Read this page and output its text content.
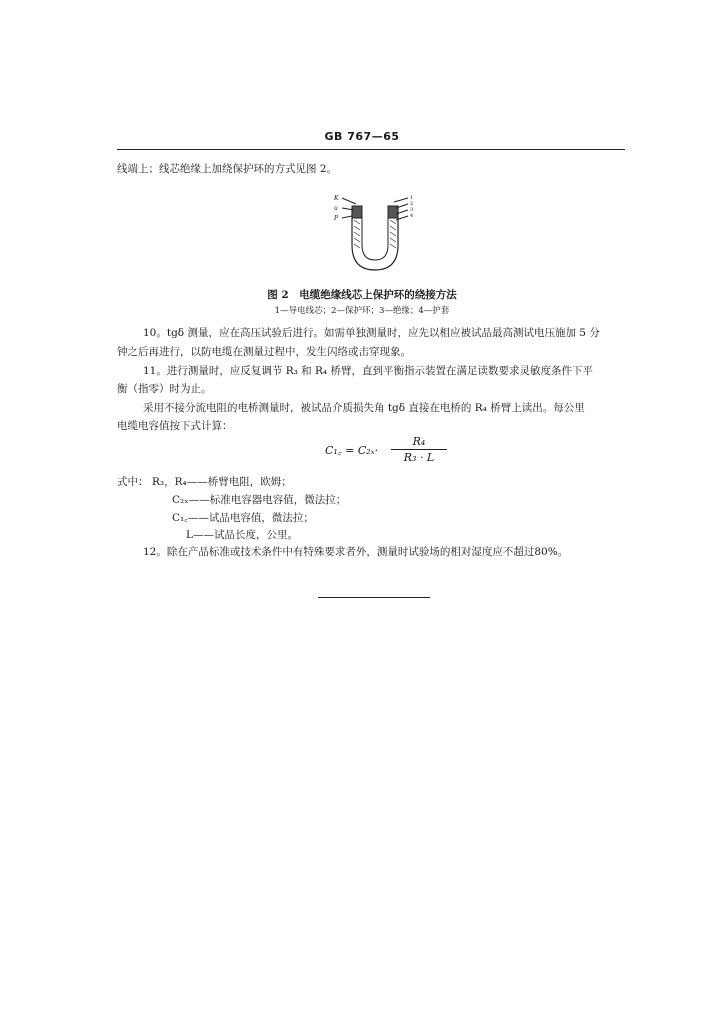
GB 767—65
线端上；线芯绝缘上加绕保护环的方式见图 2。
K
u
P
1
2
3
4
图 2　电缆绝缘线芯上保护环的绕接方法
1—导电线芯；2—保护环；3—绝缘；4—护套
10。tgδ 测量，应在高压试验后进行。如需单独测量时，应先以相应被试品最高测试电压施加 5 分
钟之后再进行，以防电缆在测量过程中，发生闪络或击穿现象。
11。进行测量时，应反复调节 R₃ 和 R₄ 桥臂，直到平衡指示装置在满足读数要求灵敏度条件下平
衡（指零）时为止。
采用不接分流电阻的电桥测量时，被试品介质损失角 tgδ 直接在电桥的 R₄ 桥臂上读出。每公里
电缆电容值按下式计算：
C₁꜀ = C₂ₓ·
R₄
R₃ · L
式中： R₃，R₄——桥臂电阻，欧姆；
C₂ₓ——标准电容器电容值，微法拉；
C₁꜀——试品电容值，微法拉；
L——试品长度，公里。
12。除在产品标准或技术条件中有特殊要求者外，测量时试验场的相对湿度应不超过80%。
